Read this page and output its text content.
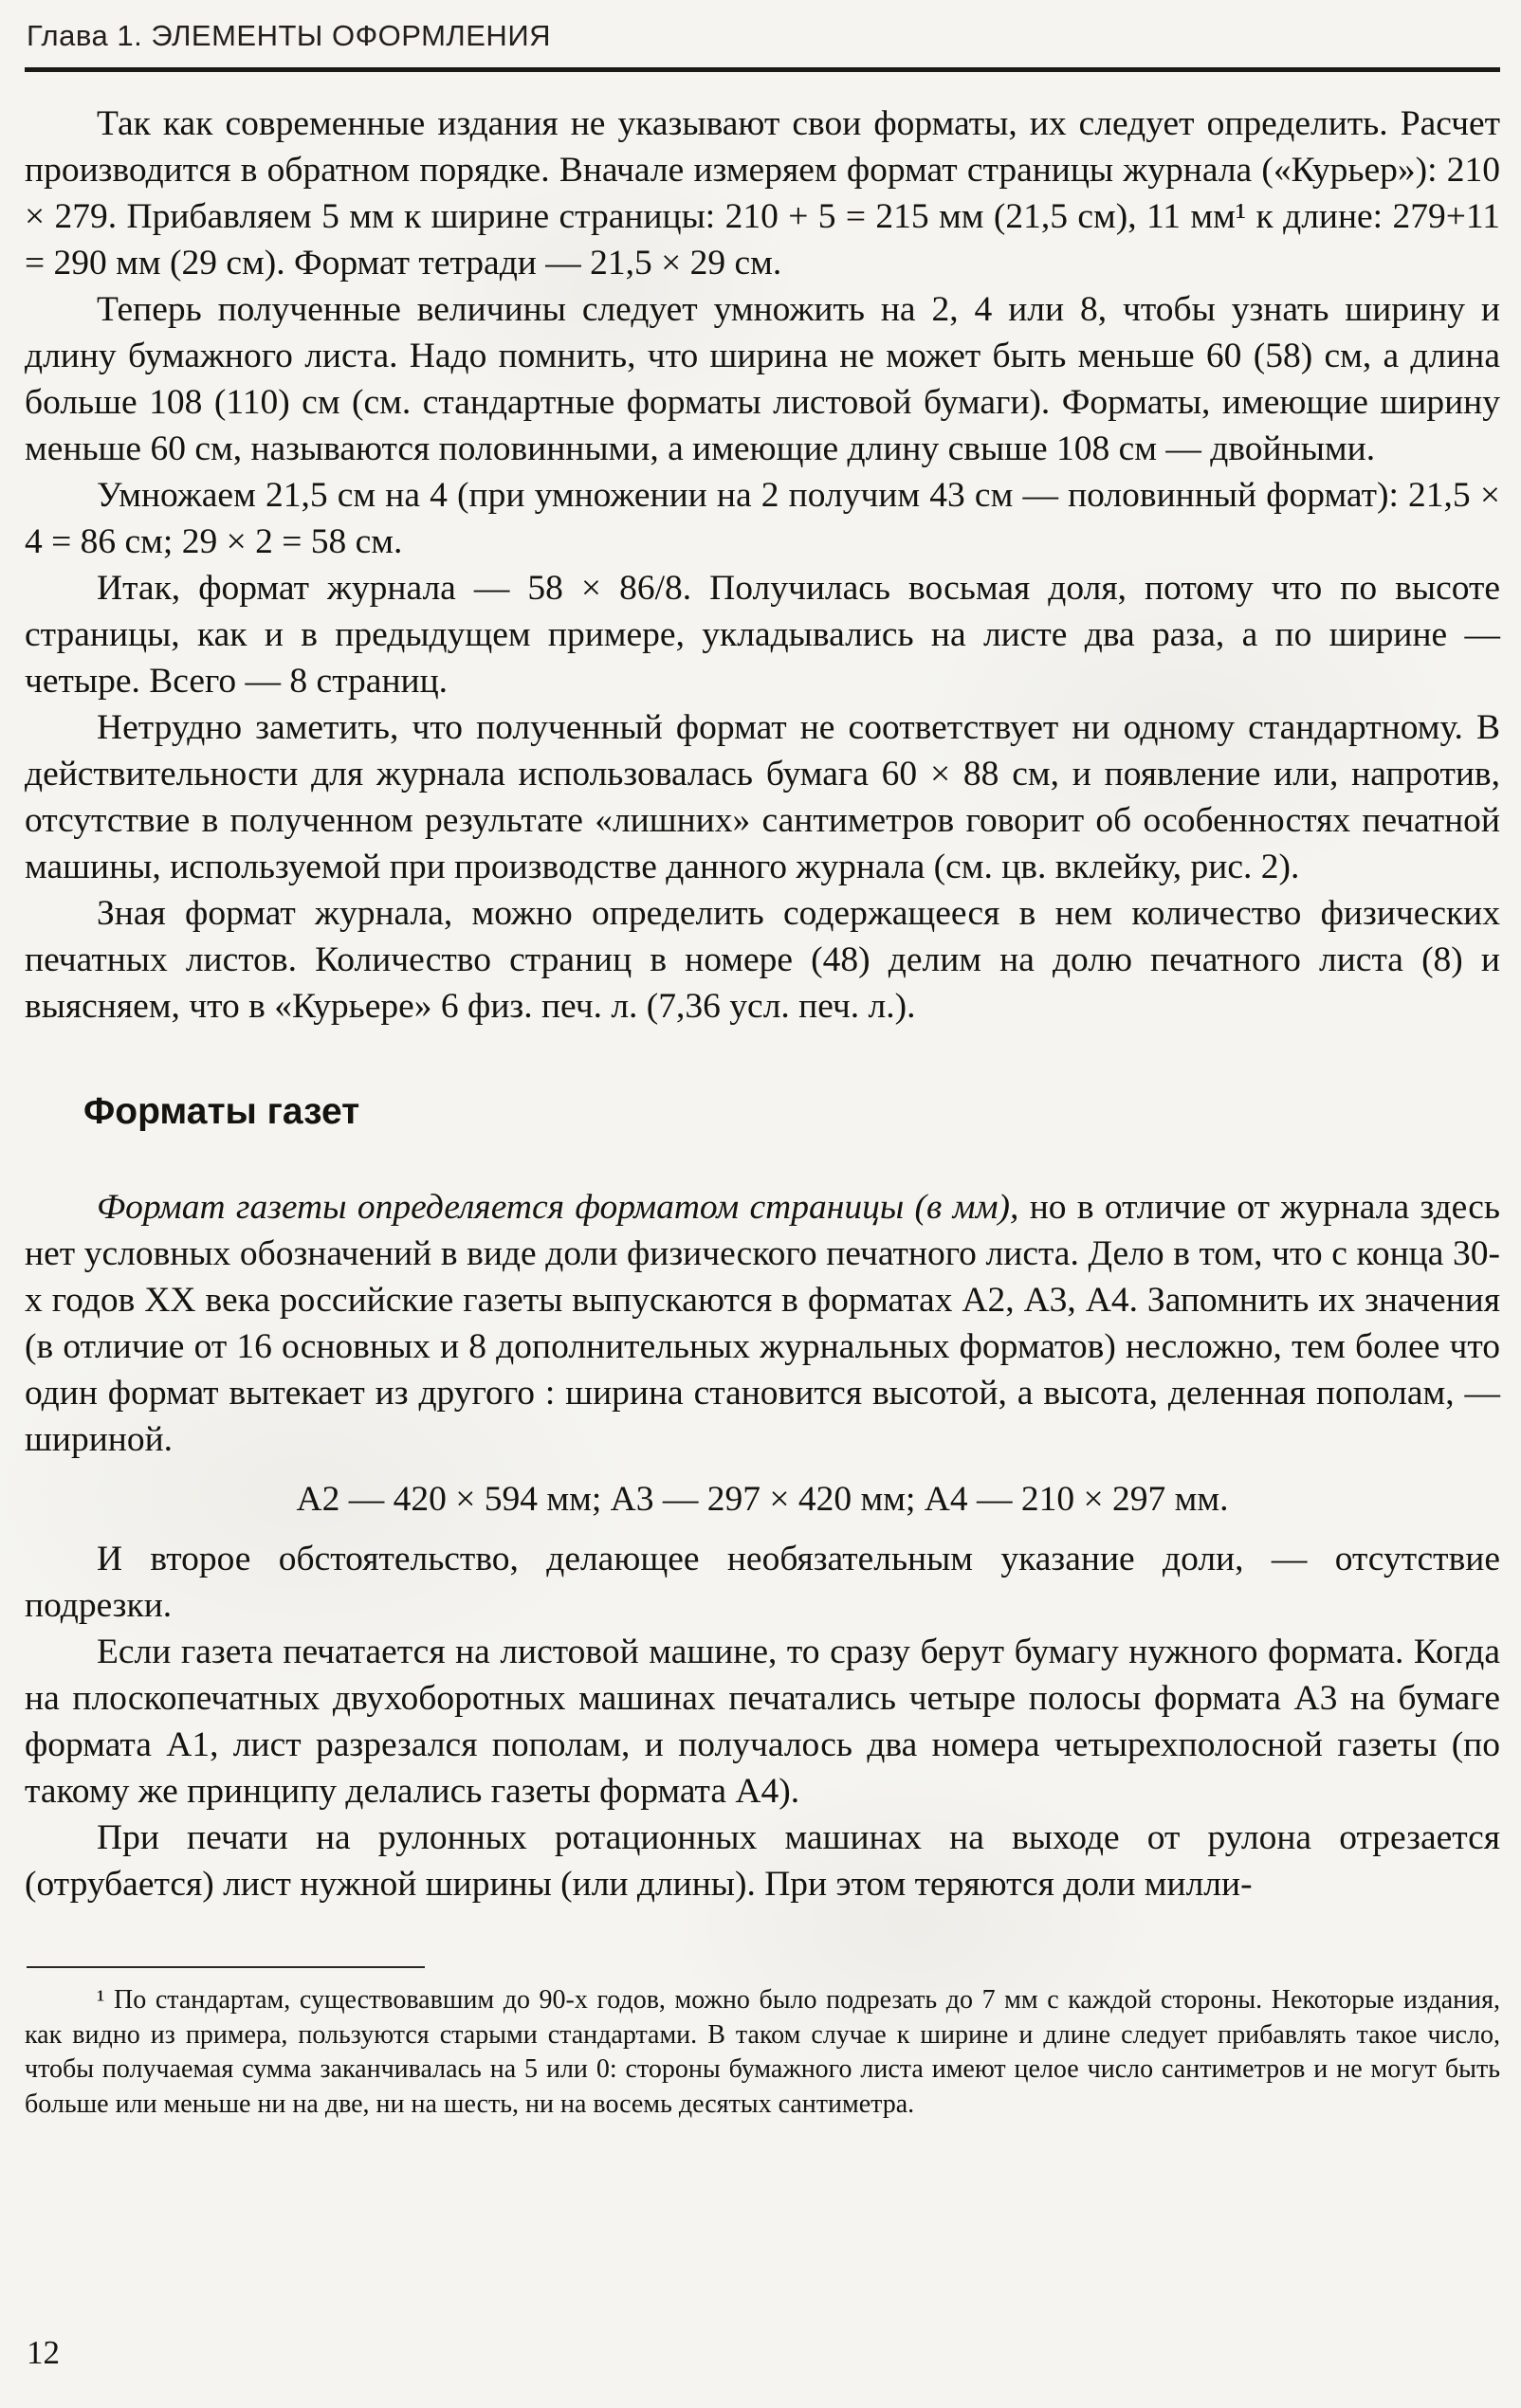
Глава 1. ЭЛЕМЕНТЫ ОФОРМЛЕНИЯ

Так как современные издания не указывают свои форматы, их следует определить. Расчет производится в обратном порядке. Вначале измеряем формат страницы журнала («Курьер»): 210 × 279. Прибавляем 5 мм к ширине страницы: 210 + 5 = 215 мм (21,5 см), 11 мм¹ к длине: 279+11 = 290 мм (29 см). Формат тетради — 21,5 × 29 см.

Теперь полученные величины следует умножить на 2, 4 или 8, чтобы узнать ширину и длину бумажного листа. Надо помнить, что ширина не может быть меньше 60 (58) см, а длина больше 108 (110) см (см. стандартные форматы листовой бумаги). Форматы, имеющие ширину меньше 60 см, называются половинными, а имеющие длину свыше 108 см — двойными.

Умножаем 21,5 см на 4 (при умножении на 2 получим 43 см — половинный формат): 21,5 × 4 = 86 см; 29 × 2 = 58 см.

Итак, формат журнала — 58 × 86/8. Получилась восьмая доля, потому что по высоте страницы, как и в предыдущем примере, укладывались на листе два раза, а по ширине — четыре. Всего — 8 страниц.

Нетрудно заметить, что полученный формат не соответствует ни одному стандартному. В действительности для журнала использовалась бумага 60 × 88 см, и появление или, напротив, отсутствие в полученном результате «лишних» сантиметров говорит об особенностях печатной машины, используемой при производстве данного журнала (см. цв. вклейку, рис. 2).

Зная формат журнала, можно определить содержащееся в нем количество физических печатных листов. Количество страниц в номере (48) делим на долю печатного листа (8) и выясняем, что в «Курьере» 6 физ. печ. л. (7,36 усл. печ. л.).

Форматы газет

Формат газеты определяется форматом страницы (в мм), но в отличие от журнала здесь нет условных обозначений в виде доли физического печатного листа. Дело в том, что с конца 30-х годов XX века российские газеты выпускаются в форматах А2, А3, А4. Запомнить их значения (в отличие от 16 основных и 8 дополнительных журнальных форматов) несложно, тем более что один формат вытекает из другого : ширина становится высотой, а высота, деленная пополам, — шириной.

А2 — 420 × 594 мм; А3 — 297 × 420 мм; А4 — 210 × 297 мм.

И второе обстоятельство, делающее необязательным указание доли, — отсутствие подрезки.

Если газета печатается на листовой машине, то сразу берут бумагу нужного формата. Когда на плоскопечатных двухоборотных машинах печатались четыре полосы формата А3 на бумаге формата А1, лист разрезался пополам, и получалось два номера четырехполосной газеты (по такому же принципу делались газеты формата А4).

При печати на рулонных ротационных машинах на выходе от рулона отрезается (отрубается) лист нужной ширины (или длины). При этом теряются доли милли-

¹ По стандартам, существовавшим до 90-х годов, можно было подрезать до 7 мм с каждой стороны. Некоторые издания, как видно из примера, пользуются старыми стандартами. В таком случае к ширине и длине следует прибавлять такое число, чтобы получаемая сумма заканчивалась на 5 или 0: стороны бумажного листа имеют целое число сантиметров и не могут быть больше или меньше ни на две, ни на шесть, ни на восемь десятых сантиметра.

12
